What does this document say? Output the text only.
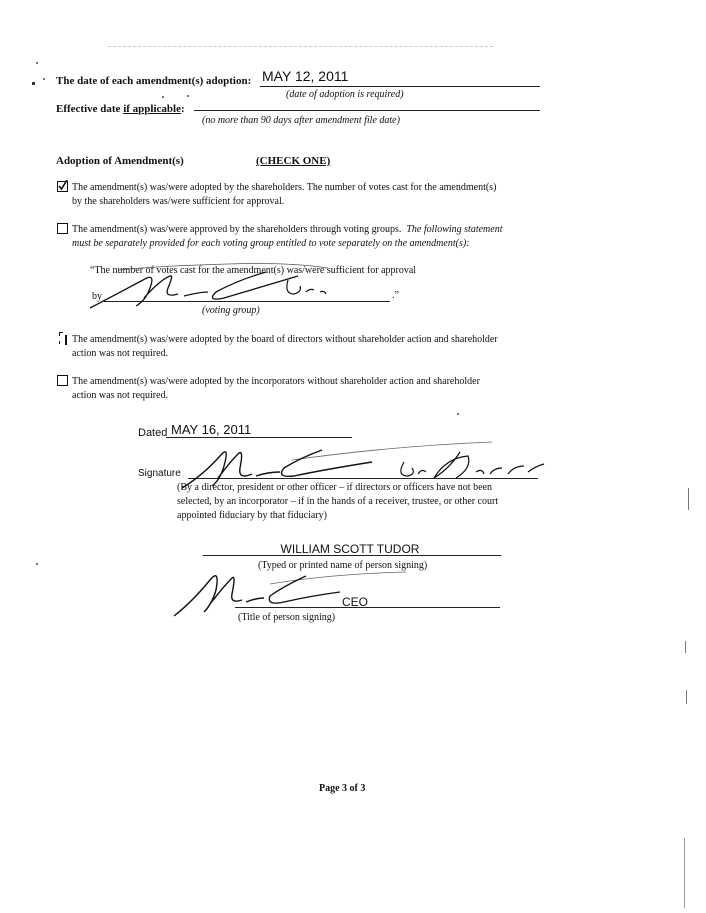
The date of each amendment(s) adoption: MAY 12, 2011
(date of adoption is required)
Effective date if applicable:
(no more than 90 days after amendment file date)
Adoption of Amendment(s)	(CHECK ONE)
The amendment(s) was/were adopted by the shareholders. The number of votes cast for the amendment(s)
by the shareholders was/were sufficient for approval.
The amendment(s) was/were approved by the shareholders through voting groups.  The following statement
must be separately provided for each voting group entitled to vote separately on the amendment(s):
“The number of votes cast for the amendment(s) was/were sufficient for approval
by	.”
(voting group)
The amendment(s) was/were adopted by the board of directors without shareholder action and shareholder
action was not required.
The amendment(s) was/were adopted by the incorporators without shareholder action and shareholder
action was not required.
Dated MAY 16, 2011
Signature
(By a director, president or other officer – if directors or officers have not been
selected, by an incorporator – if in the hands of a receiver, trustee, or other court
appointed fiduciary by that fiduciary)
WILLIAM SCOTT TUDOR
(Typed or printed name of person signing)
CEO
(Title of person signing)
Page 3 of 3
